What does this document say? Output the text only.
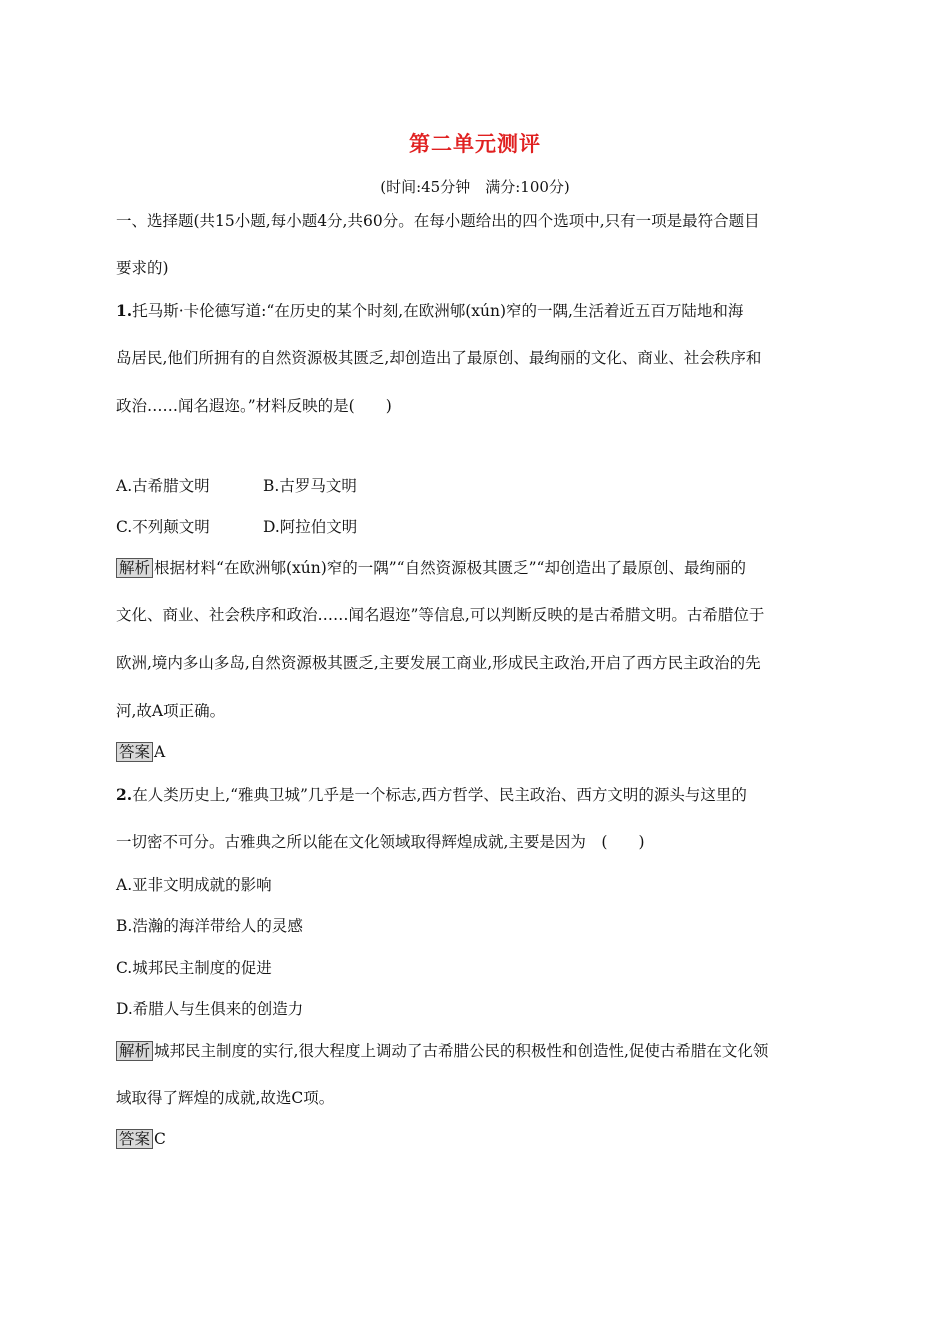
第二单元测评
(时间:45分钟　满分:100分)
一、选择题(共15小题,每小题4分,共60分。在每小题给出的四个选项中,只有一项是最符合题目
要求的)
1.托马斯·卡伦德写道:“在历史的某个时刻,在欧洲郇(xún)窄的一隅,生活着近五百万陆地和海
岛居民,他们所拥有的自然资源极其匮乏,却创造出了最原创、最绚丽的文化、商业、社会秩序和
政治……闻名遐迩。”材料反映的是(　　)
A.古希腊文明	B.古罗马文明
C.不列颠文明	D.阿拉伯文明
解析 根据材料“在欧洲郇(xún)窄的一隅”“自然资源极其匮乏”“却创造出了最原创、最绚丽的
文化、商业、社会秩序和政治……闻名遐迩”等信息,可以判断反映的是古希腊文明。古希腊位于
欧洲,境内多山多岛,自然资源极其匮乏,主要发展工商业,形成民主政治,开启了西方民主政治的先
河,故A项正确。
答案 A
2.在人类历史上,“雅典卫城”几乎是一个标志,西方哲学、民主政治、西方文明的源头与这里的
一切密不可分。古雅典之所以能在文化领域取得辉煌成就,主要是因为　(　　)
A.亚非文明成就的影响
B.浩瀚的海洋带给人的灵感
C.城邦民主制度的促进
D.希腊人与生俱来的创造力
解析 城邦民主制度的实行,很大程度上调动了古希腊公民的积极性和创造性,促使古希腊在文化领
域取得了辉煌的成就,故选C项。
答案 C
